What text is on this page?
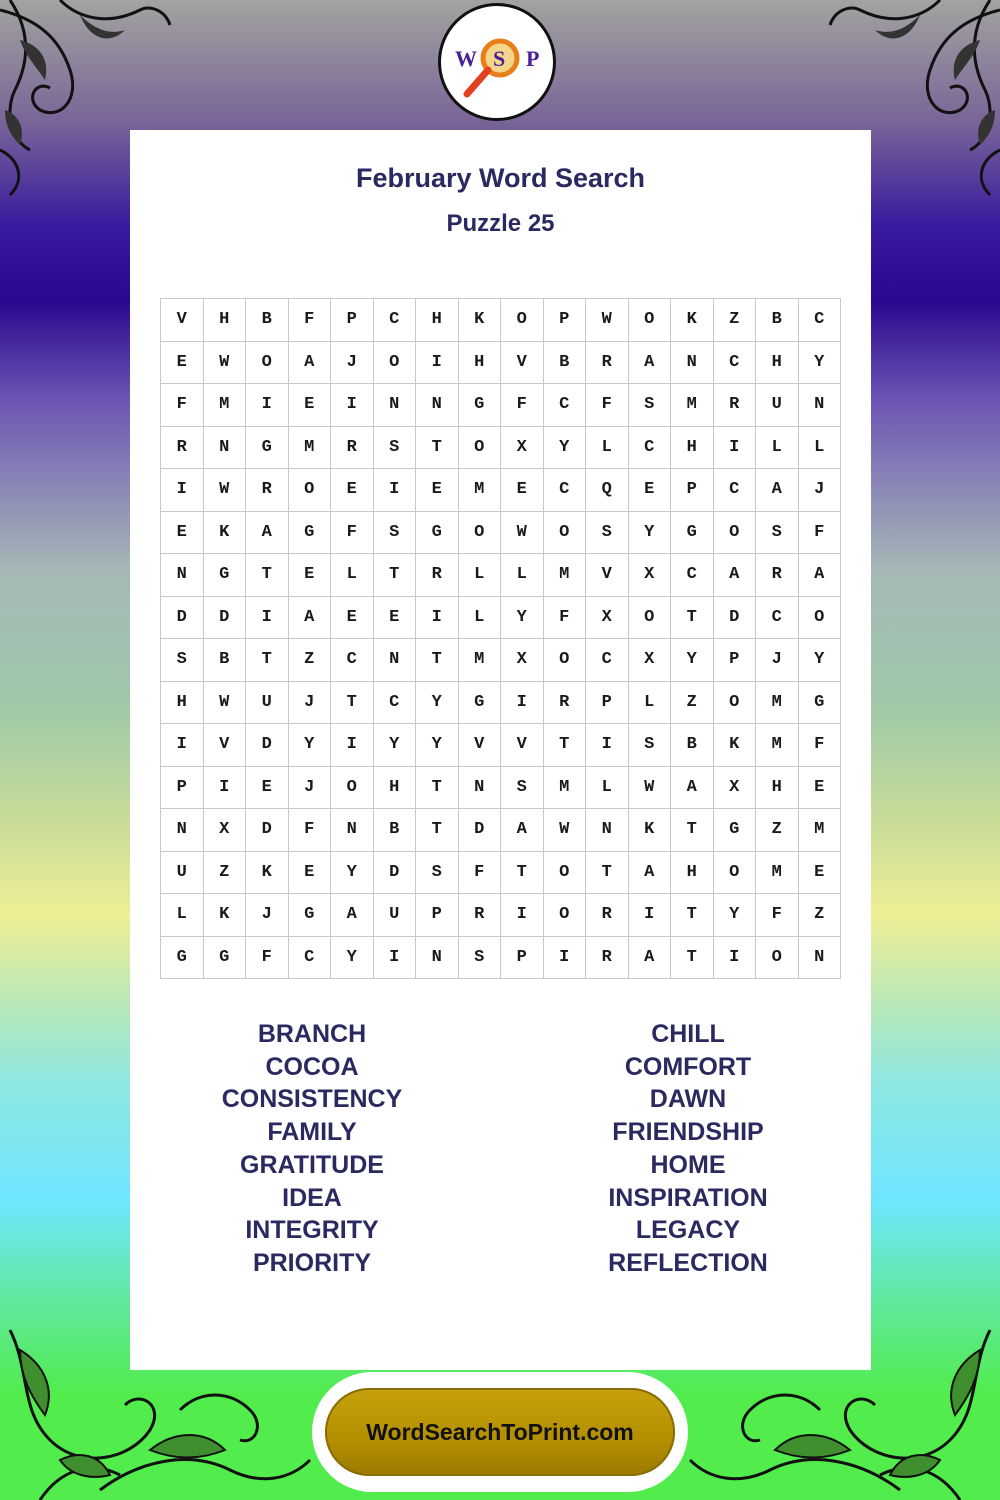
W S P
February Word Search
Puzzle 25
V	H	B	F	P	C	H	K	O	P	W	O	K	Z	B	C
E	W	O	A	J	O	I	H	V	B	R	A	N	C	H	Y
F	M	I	E	I	N	N	G	F	C	F	S	M	R	U	N
R	N	G	M	R	S	T	O	X	Y	L	C	H	I	L	L
I	W	R	O	E	I	E	M	E	C	Q	E	P	C	A	J
E	K	A	G	F	S	G	O	W	O	S	Y	G	O	S	F
N	G	T	E	L	T	R	L	L	M	V	X	C	A	R	A
D	D	I	A	E	E	I	L	Y	F	X	O	T	D	C	O
S	B	T	Z	C	N	T	M	X	O	C	X	Y	P	J	Y
H	W	U	J	T	C	Y	G	I	R	P	L	Z	O	M	G
I	V	D	Y	I	Y	Y	V	V	T	I	S	B	K	M	F
P	I	E	J	O	H	T	N	S	M	L	W	A	X	H	E
N	X	D	F	N	B	T	D	A	W	N	K	T	G	Z	M
U	Z	K	E	Y	D	S	F	T	O	T	A	H	O	M	E
L	K	J	G	A	U	P	R	I	O	R	I	T	Y	F	Z
G	G	F	C	Y	I	N	S	P	I	R	A	T	I	O	N
BRANCH
COCOA
CONSISTENCY
FAMILY
GRATITUDE
IDEA
INTEGRITY
PRIORITY
CHILL
COMFORT
DAWN
FRIENDSHIP
HOME
INSPIRATION
LEGACY
REFLECTION
WordSearchToPrint.com
